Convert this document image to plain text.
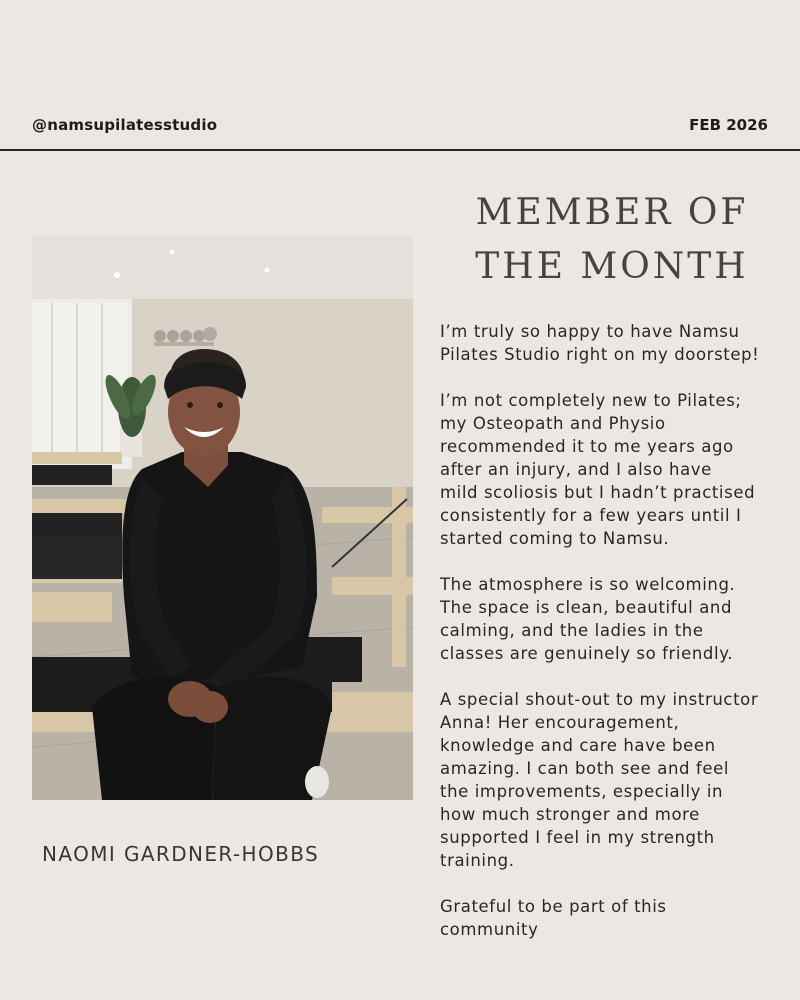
@namsupilatesstudio	FEB 2026
MEMBER OF
THE MONTH
NAOMI GARDNER-HOBBS

I’m truly so happy to have Namsu
Pilates Studio right on my doorstep!

I’m not completely new to Pilates;
my Osteopath and Physio
recommended it to me years ago
after an injury, and I also have
mild scoliosis but I hadn’t practised
consistently for a few years until I
started coming to Namsu.

The atmosphere is so welcoming.
The space is clean, beautiful and
calming, and the ladies in the
classes are genuinely so friendly.

A special shout-out to my instructor
Anna! Her encouragement,
knowledge and care have been
amazing. I can both see and feel
the improvements, especially in
how much stronger and more
supported I feel in my strength
training.

Grateful to be part of this
community
